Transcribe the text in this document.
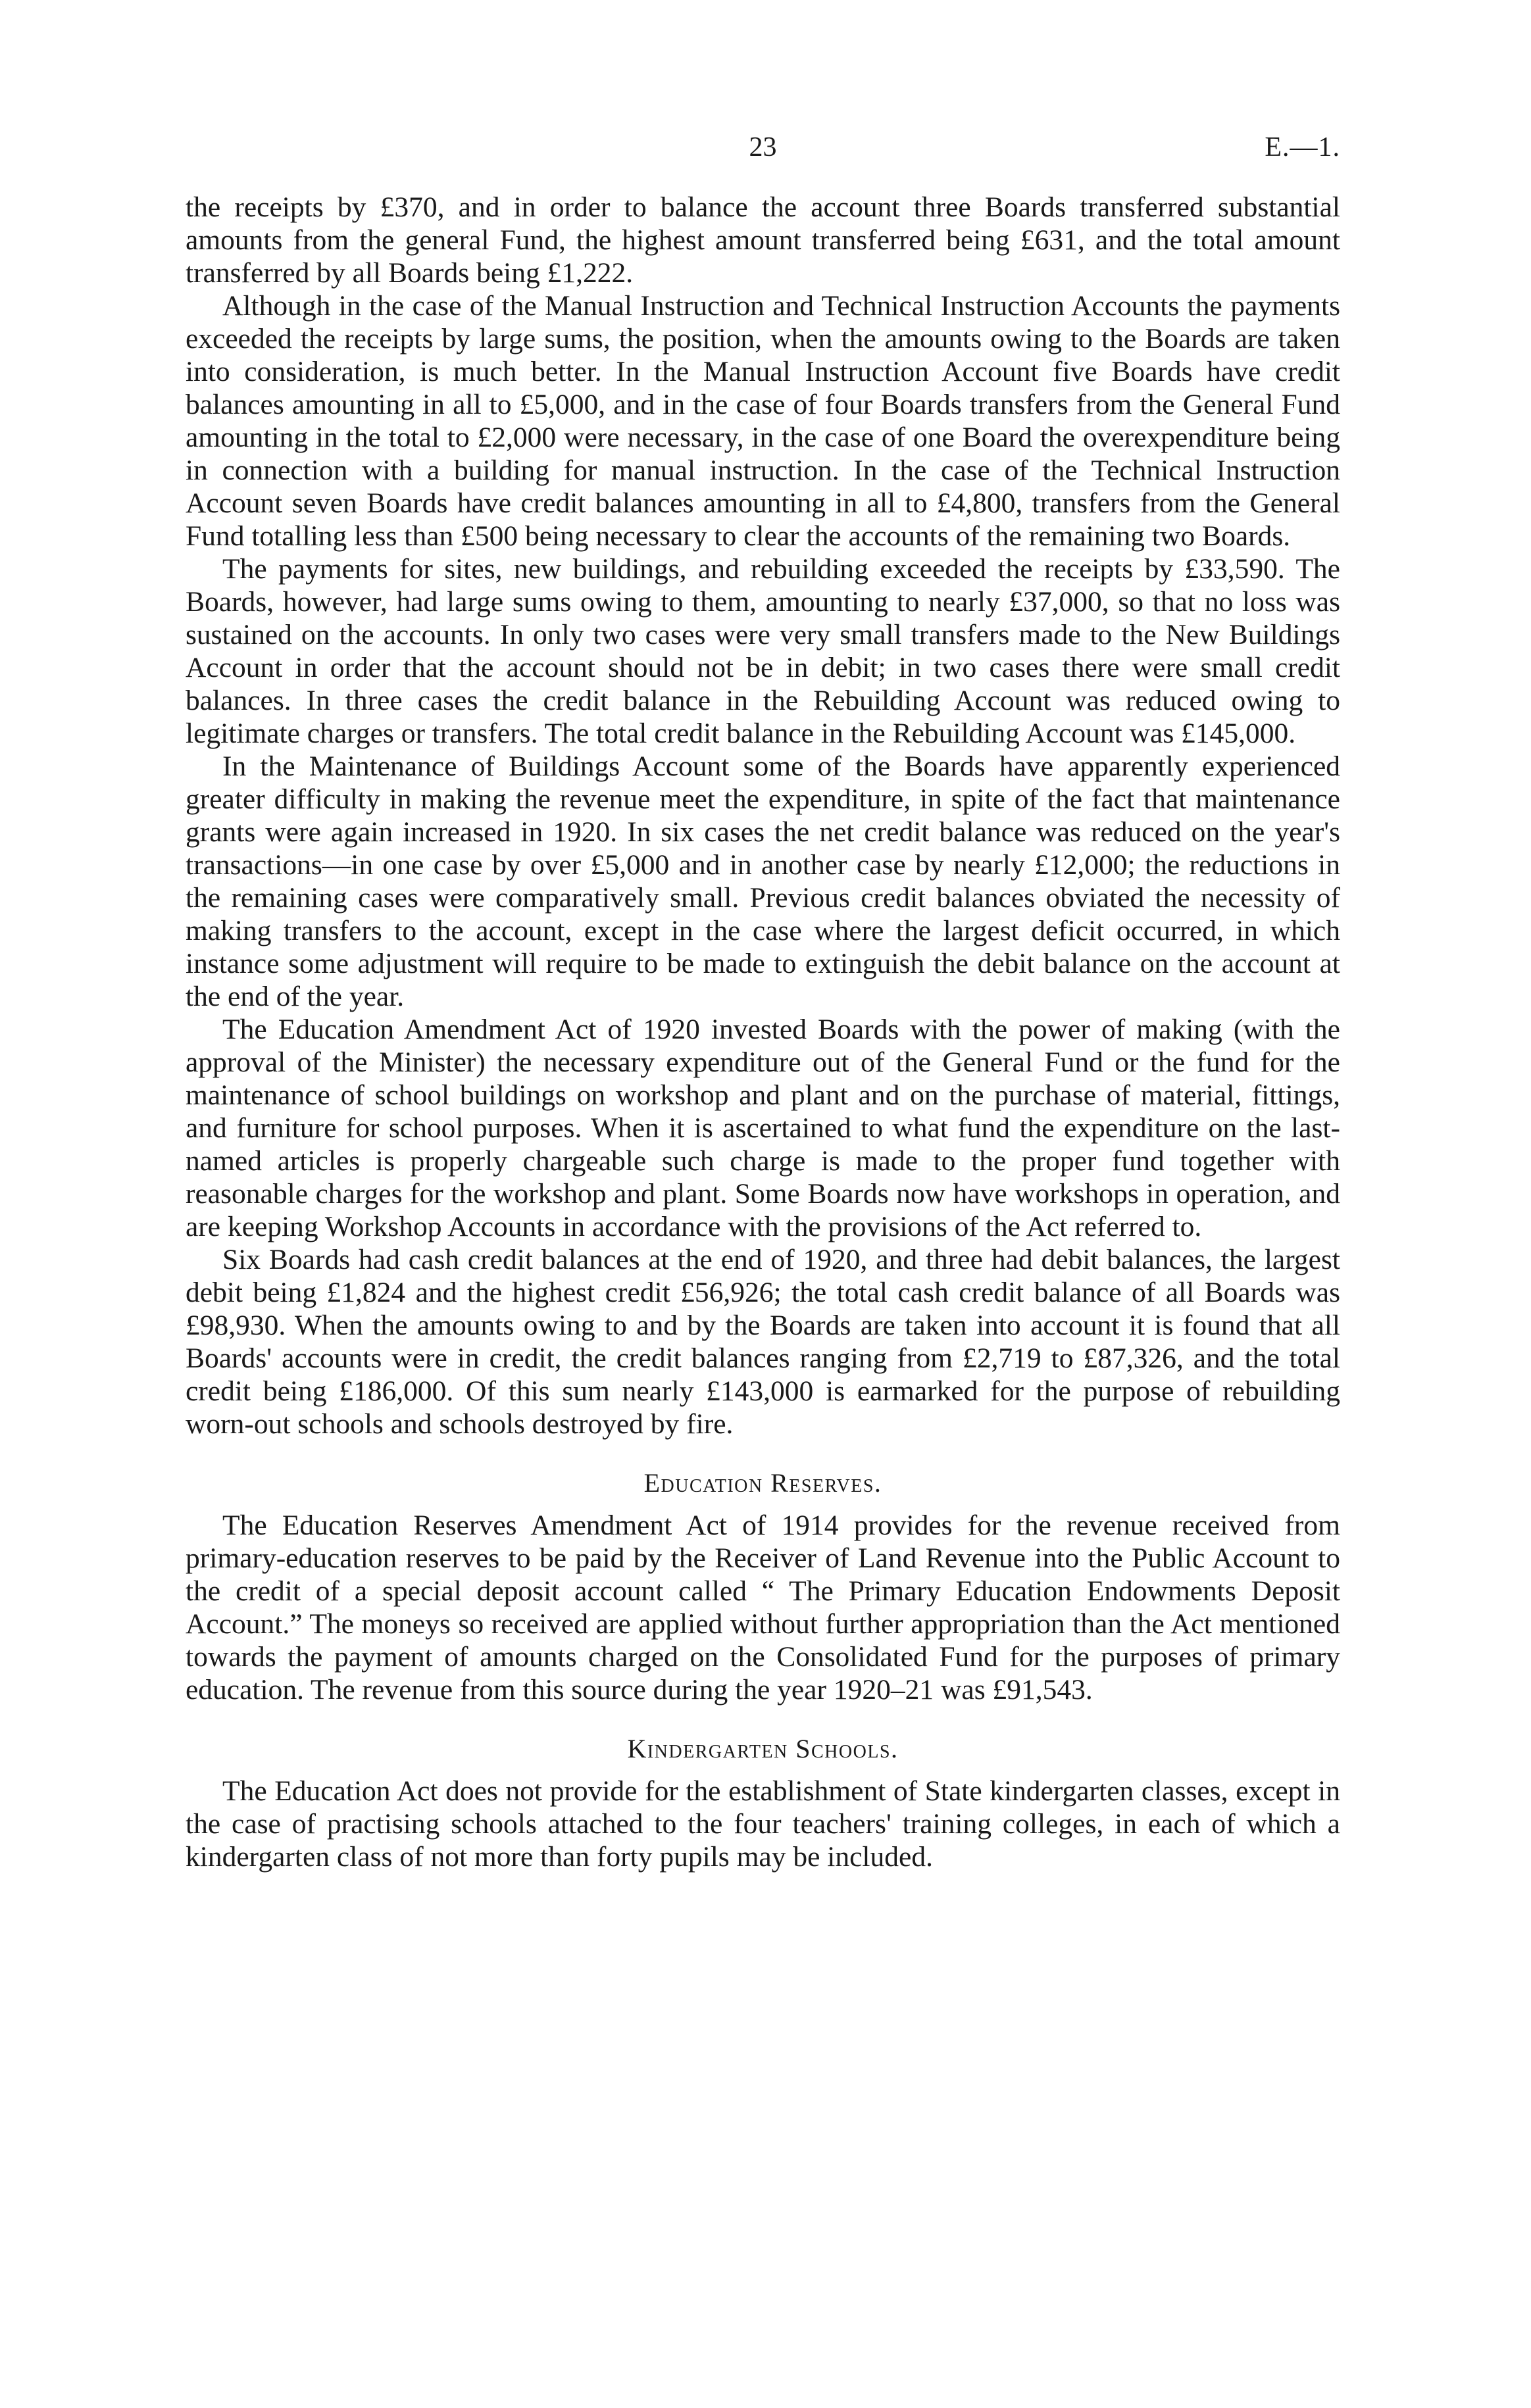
23	E.—1.

the receipts by £370, and in order to balance the account three Boards transferred substantial amounts from the general Fund, the highest amount transferred being £631, and the total amount transferred by all Boards being £1,222.

Although in the case of the Manual Instruction and Technical Instruction Accounts the payments exceeded the receipts by large sums, the position, when the amounts owing to the Boards are taken into consideration, is much better. In the Manual Instruction Account five Boards have credit balances amounting in all to £5,000, and in the case of four Boards transfers from the General Fund amounting in the total to £2,000 were necessary, in the case of one Board the overexpenditure being in connection with a building for manual instruction. In the case of the Technical Instruction Account seven Boards have credit balances amounting in all to £4,800, transfers from the General Fund totalling less than £500 being necessary to clear the accounts of the remaining two Boards.

The payments for sites, new buildings, and rebuilding exceeded the receipts by £33,590. The Boards, however, had large sums owing to them, amounting to nearly £37,000, so that no loss was sustained on the accounts. In only two cases were very small transfers made to the New Buildings Account in order that the account should not be in debit; in two cases there were small credit balances. In three cases the credit balance in the Rebuilding Account was reduced owing to legitimate charges or transfers. The total credit balance in the Rebuilding Account was £145,000.

In the Maintenance of Buildings Account some of the Boards have apparently experienced greater difficulty in making the revenue meet the expenditure, in spite of the fact that maintenance grants were again increased in 1920. In six cases the net credit balance was reduced on the year's transactions—in one case by over £5,000 and in another case by nearly £12,000; the reductions in the remaining cases were comparatively small. Previous credit balances obviated the necessity of making transfers to the account, except in the case where the largest deficit occurred, in which instance some adjustment will require to be made to extinguish the debit balance on the account at the end of the year.

The Education Amendment Act of 1920 invested Boards with the power of making (with the approval of the Minister) the necessary expenditure out of the General Fund or the fund for the maintenance of school buildings on workshop and plant and on the purchase of material, fittings, and furniture for school purposes. When it is ascertained to what fund the expenditure on the last-named articles is properly chargeable such charge is made to the proper fund together with reasonable charges for the workshop and plant. Some Boards now have workshops in operation, and are keeping Workshop Accounts in accordance with the provisions of the Act referred to.

Six Boards had cash credit balances at the end of 1920, and three had debit balances, the largest debit being £1,824 and the highest credit £56,926; the total cash credit balance of all Boards was £98,930. When the amounts owing to and by the Boards are taken into account it is found that all Boards' accounts were in credit, the credit balances ranging from £2,719 to £87,326, and the total credit being £186,000. Of this sum nearly £143,000 is earmarked for the purpose of rebuilding worn-out schools and schools destroyed by fire.

Education Reserves.

The Education Reserves Amendment Act of 1914 provides for the revenue received from primary-education reserves to be paid by the Receiver of Land Revenue into the Public Account to the credit of a special deposit account called “ The Primary Education Endowments Deposit Account.” The moneys so received are applied without further appropriation than the Act mentioned towards the payment of amounts charged on the Consolidated Fund for the purposes of primary education. The revenue from this source during the year 1920–21 was £91,543.

Kindergarten Schools.

The Education Act does not provide for the establishment of State kindergarten classes, except in the case of practising schools attached to the four teachers' training colleges, in each of which a kindergarten class of not more than forty pupils may be included.
